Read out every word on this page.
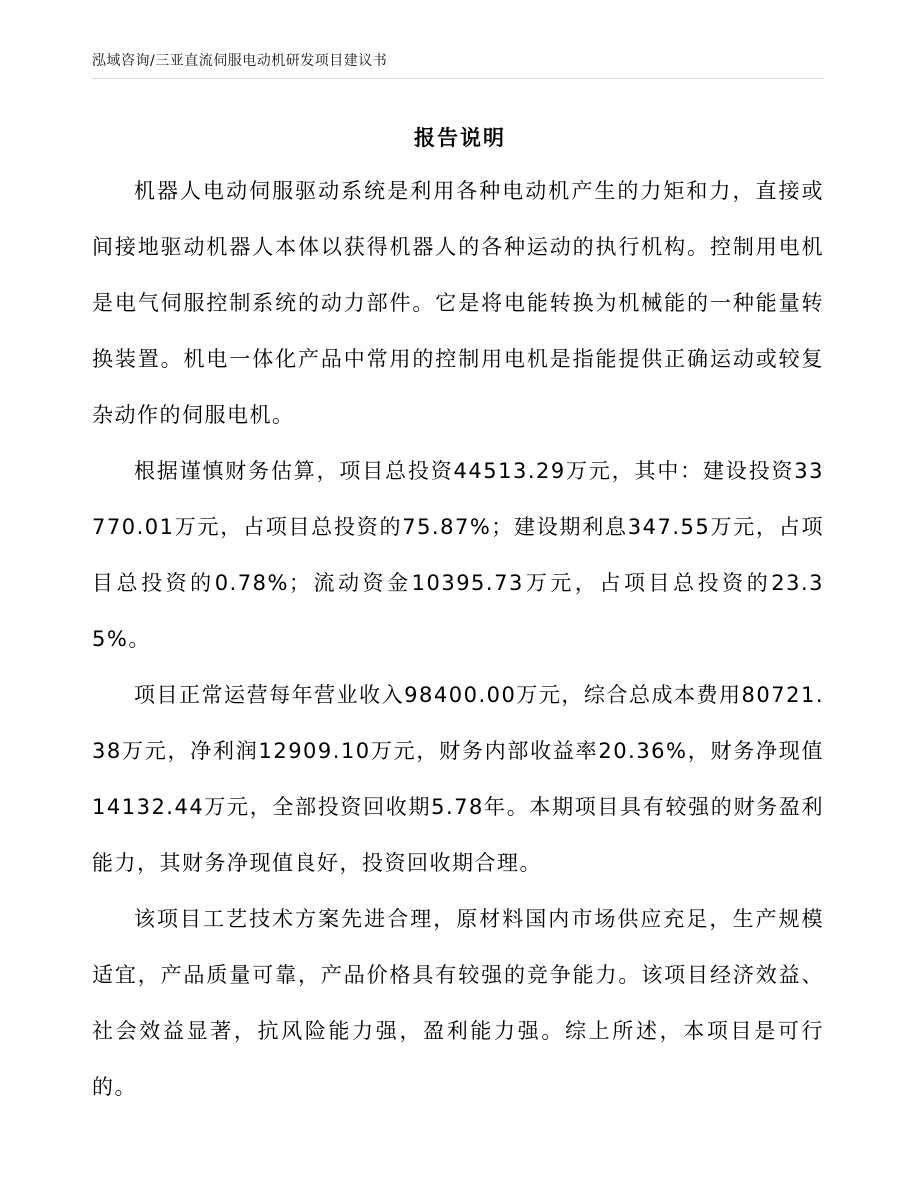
泓域咨询/三亚直流伺服电动机研发项目建议书
报告说明

机器人电动伺服驱动系统是利用各种电动机产生的力矩和力，直接或间接地驱动机器人本体以获得机器人的各种运动的执行机构。控制用电机是电气伺服控制系统的动力部件。它是将电能转换为机械能的一种能量转换装置。机电一体化产品中常用的控制用电机是指能提供正确运动或较复杂动作的伺服电机。

根据谨慎财务估算，项目总投资44513.29万元，其中：建设投资33770.01万元，占项目总投资的75.87%；建设期利息347.55万元，占项目总投资的0.78%；流动资金10395.73万元，占项目总投资的23.35%。

项目正常运营每年营业收入98400.00万元，综合总成本费用80721.38万元，净利润12909.10万元，财务内部收益率20.36%，财务净现值14132.44万元，全部投资回收期5.78年。本期项目具有较强的财务盈利能力，其财务净现值良好，投资回收期合理。

该项目工艺技术方案先进合理，原材料国内市场供应充足，生产规模适宜，产品质量可靠，产品价格具有较强的竞争能力。该项目经济效益、社会效益显著，抗风险能力强，盈利能力强。综上所述，本项目是可行的。
